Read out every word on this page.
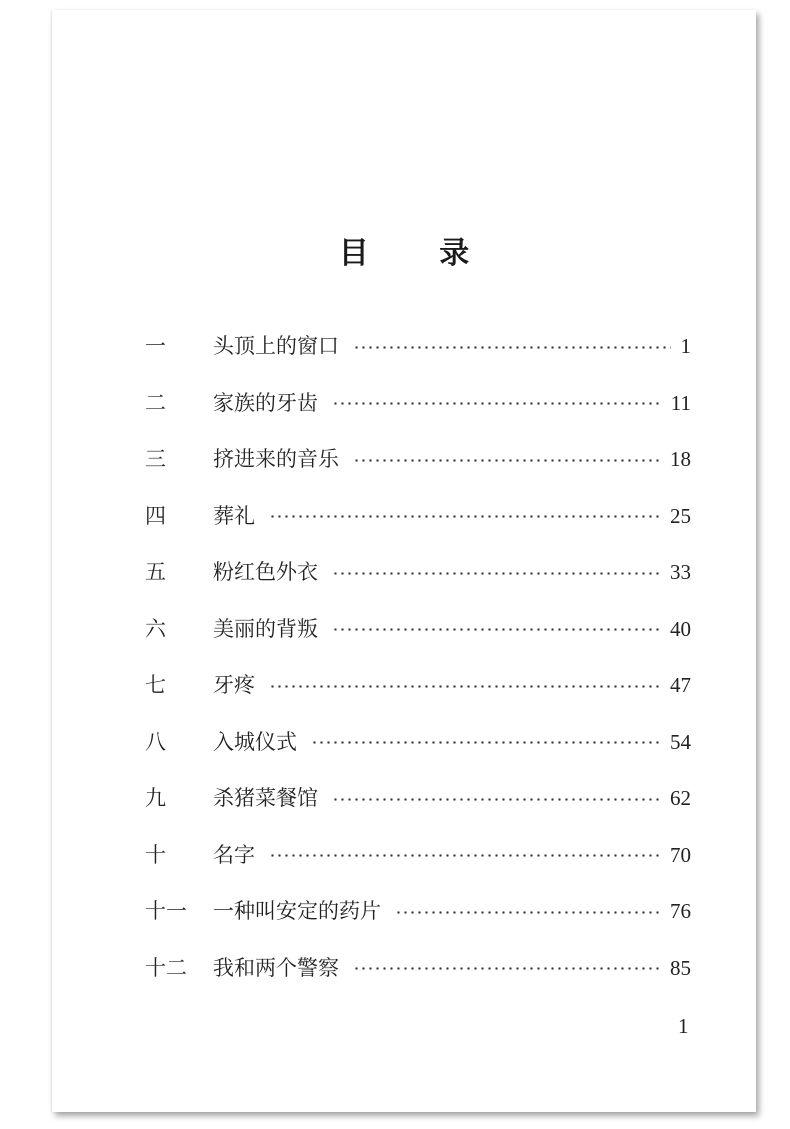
目 录
一	头顶上的窗口	1
二	家族的牙齿	11
三	挤进来的音乐	18
四	葬礼	25
五	粉红色外衣	33
六	美丽的背叛	40
七	牙疼	47
八	入城仪式	54
九	杀猪菜餐馆	62
十	名字	70
十一	一种叫安定的药片	76
十二	我和两个警察	85
1
